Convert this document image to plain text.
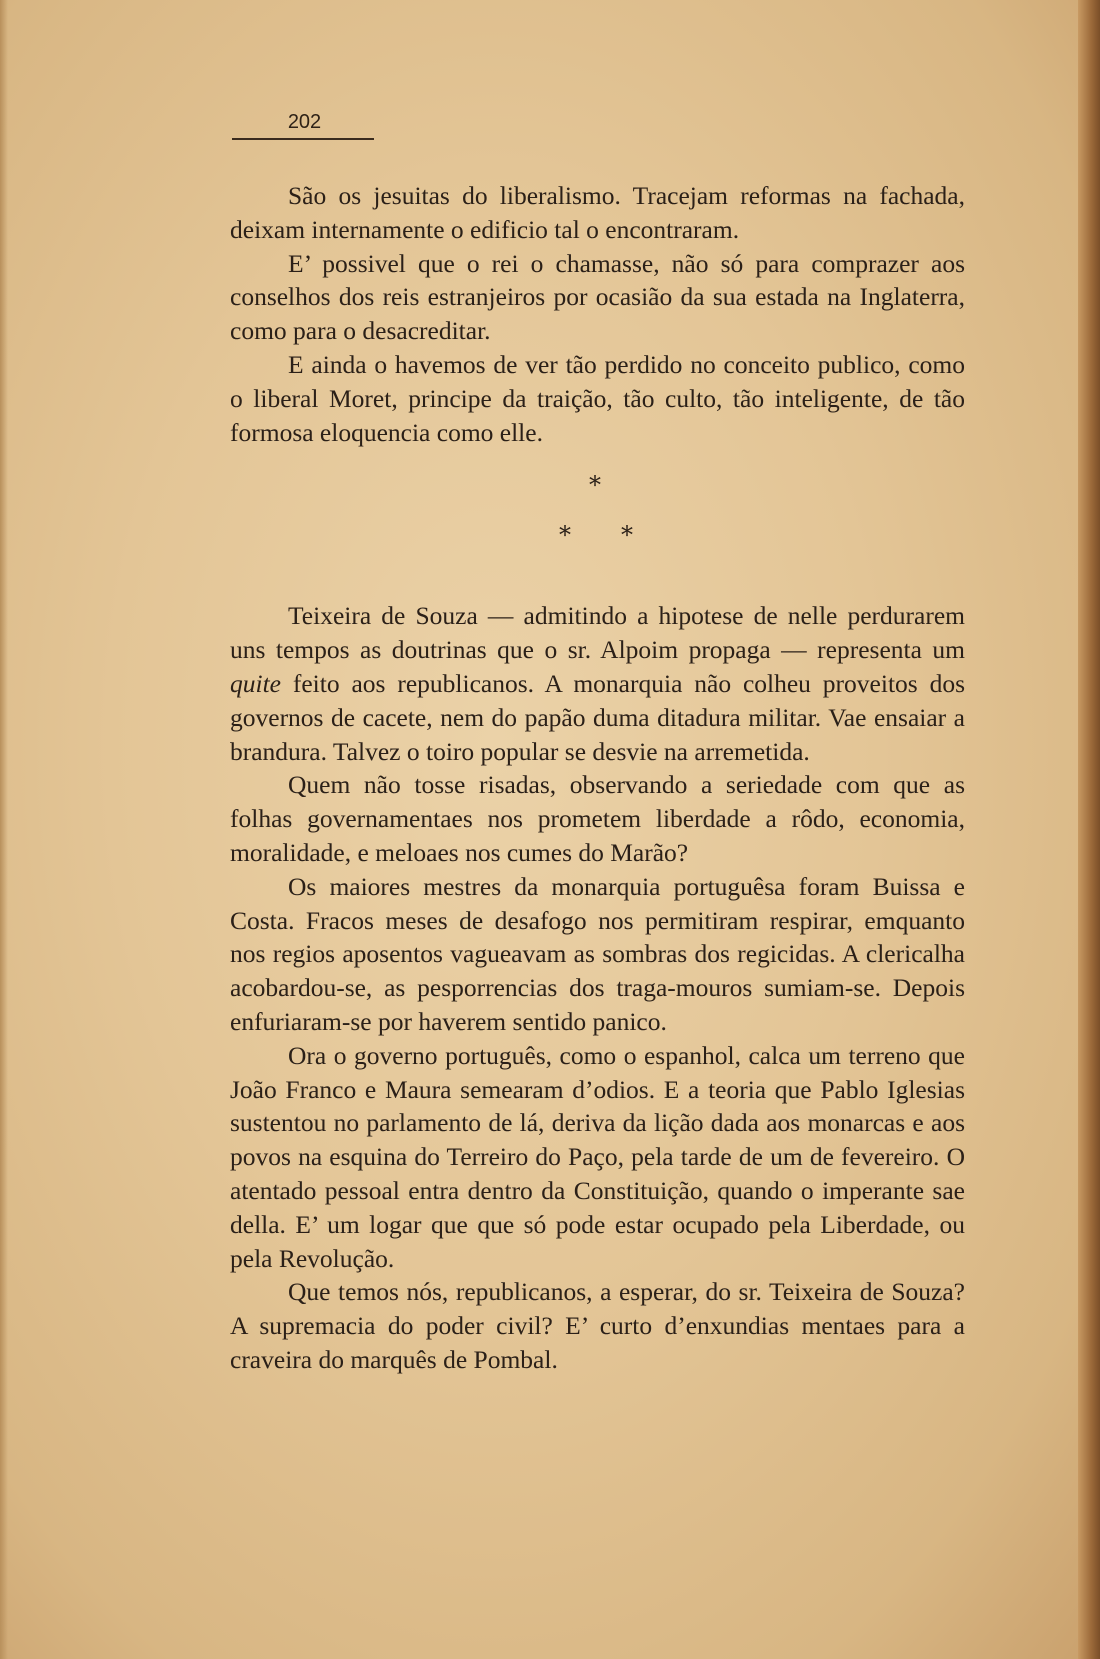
202

São os jesuitas do liberalismo. Tracejam reformas na fachada, deixam internamente o edificio tal o encontraram.

E’ possivel que o rei o chamasse, não só para comprazer aos conselhos dos reis estranjeiros por ocasião da sua estada na Inglaterra, como para o desacreditar.

E ainda o havemos de ver tão perdido no conceito publico, como o liberal Moret, principe da traição, tão culto, tão inteligente, de tão formosa eloquencia como elle.

*
* *

Teixeira de Souza — admitindo a hipotese de nelle perdurarem uns tempos as doutrinas que o sr. Alpoim propaga — representa um quite feito aos republicanos. A monarquia não colheu proveitos dos governos de cacete, nem do papão duma ditadura militar. Vae ensaiar a brandura. Talvez o toiro popular se desvie na arremetida.

Quem não tosse risadas, observando a seriedade com que as folhas governamentaes nos prometem liberdade a rôdo, economia, moralidade, e meloaes nos cumes do Marão?

Os maiores mestres da monarquia portuguêsa foram Buissa e Costa. Fracos meses de desafogo nos permitiram respirar, emquanto nos regios aposentos vagueavam as sombras dos regicidas. A clericalha acobardou-se, as pesporrencias dos traga-mouros sumiam-se. Depois enfuriaram-se por haverem sentido panico.

Ora o governo português, como o espanhol, calca um terreno que João Franco e Maura semearam d’odios. E a teoria que Pablo Iglesias sustentou no parlamento de lá, deriva da lição dada aos monarcas e aos povos na esquina do Terreiro do Paço, pela tarde de um de fevereiro. O atentado pessoal entra dentro da Constituição, quando o imperante sae della. E’ um logar que que só pode estar ocupado pela Liberdade, ou pela Revolução.

Que temos nós, republicanos, a esperar, do sr. Teixeira de Souza? A supremacia do poder civil? E’ curto d’enxundias mentaes para a craveira do marquês de Pombal.
